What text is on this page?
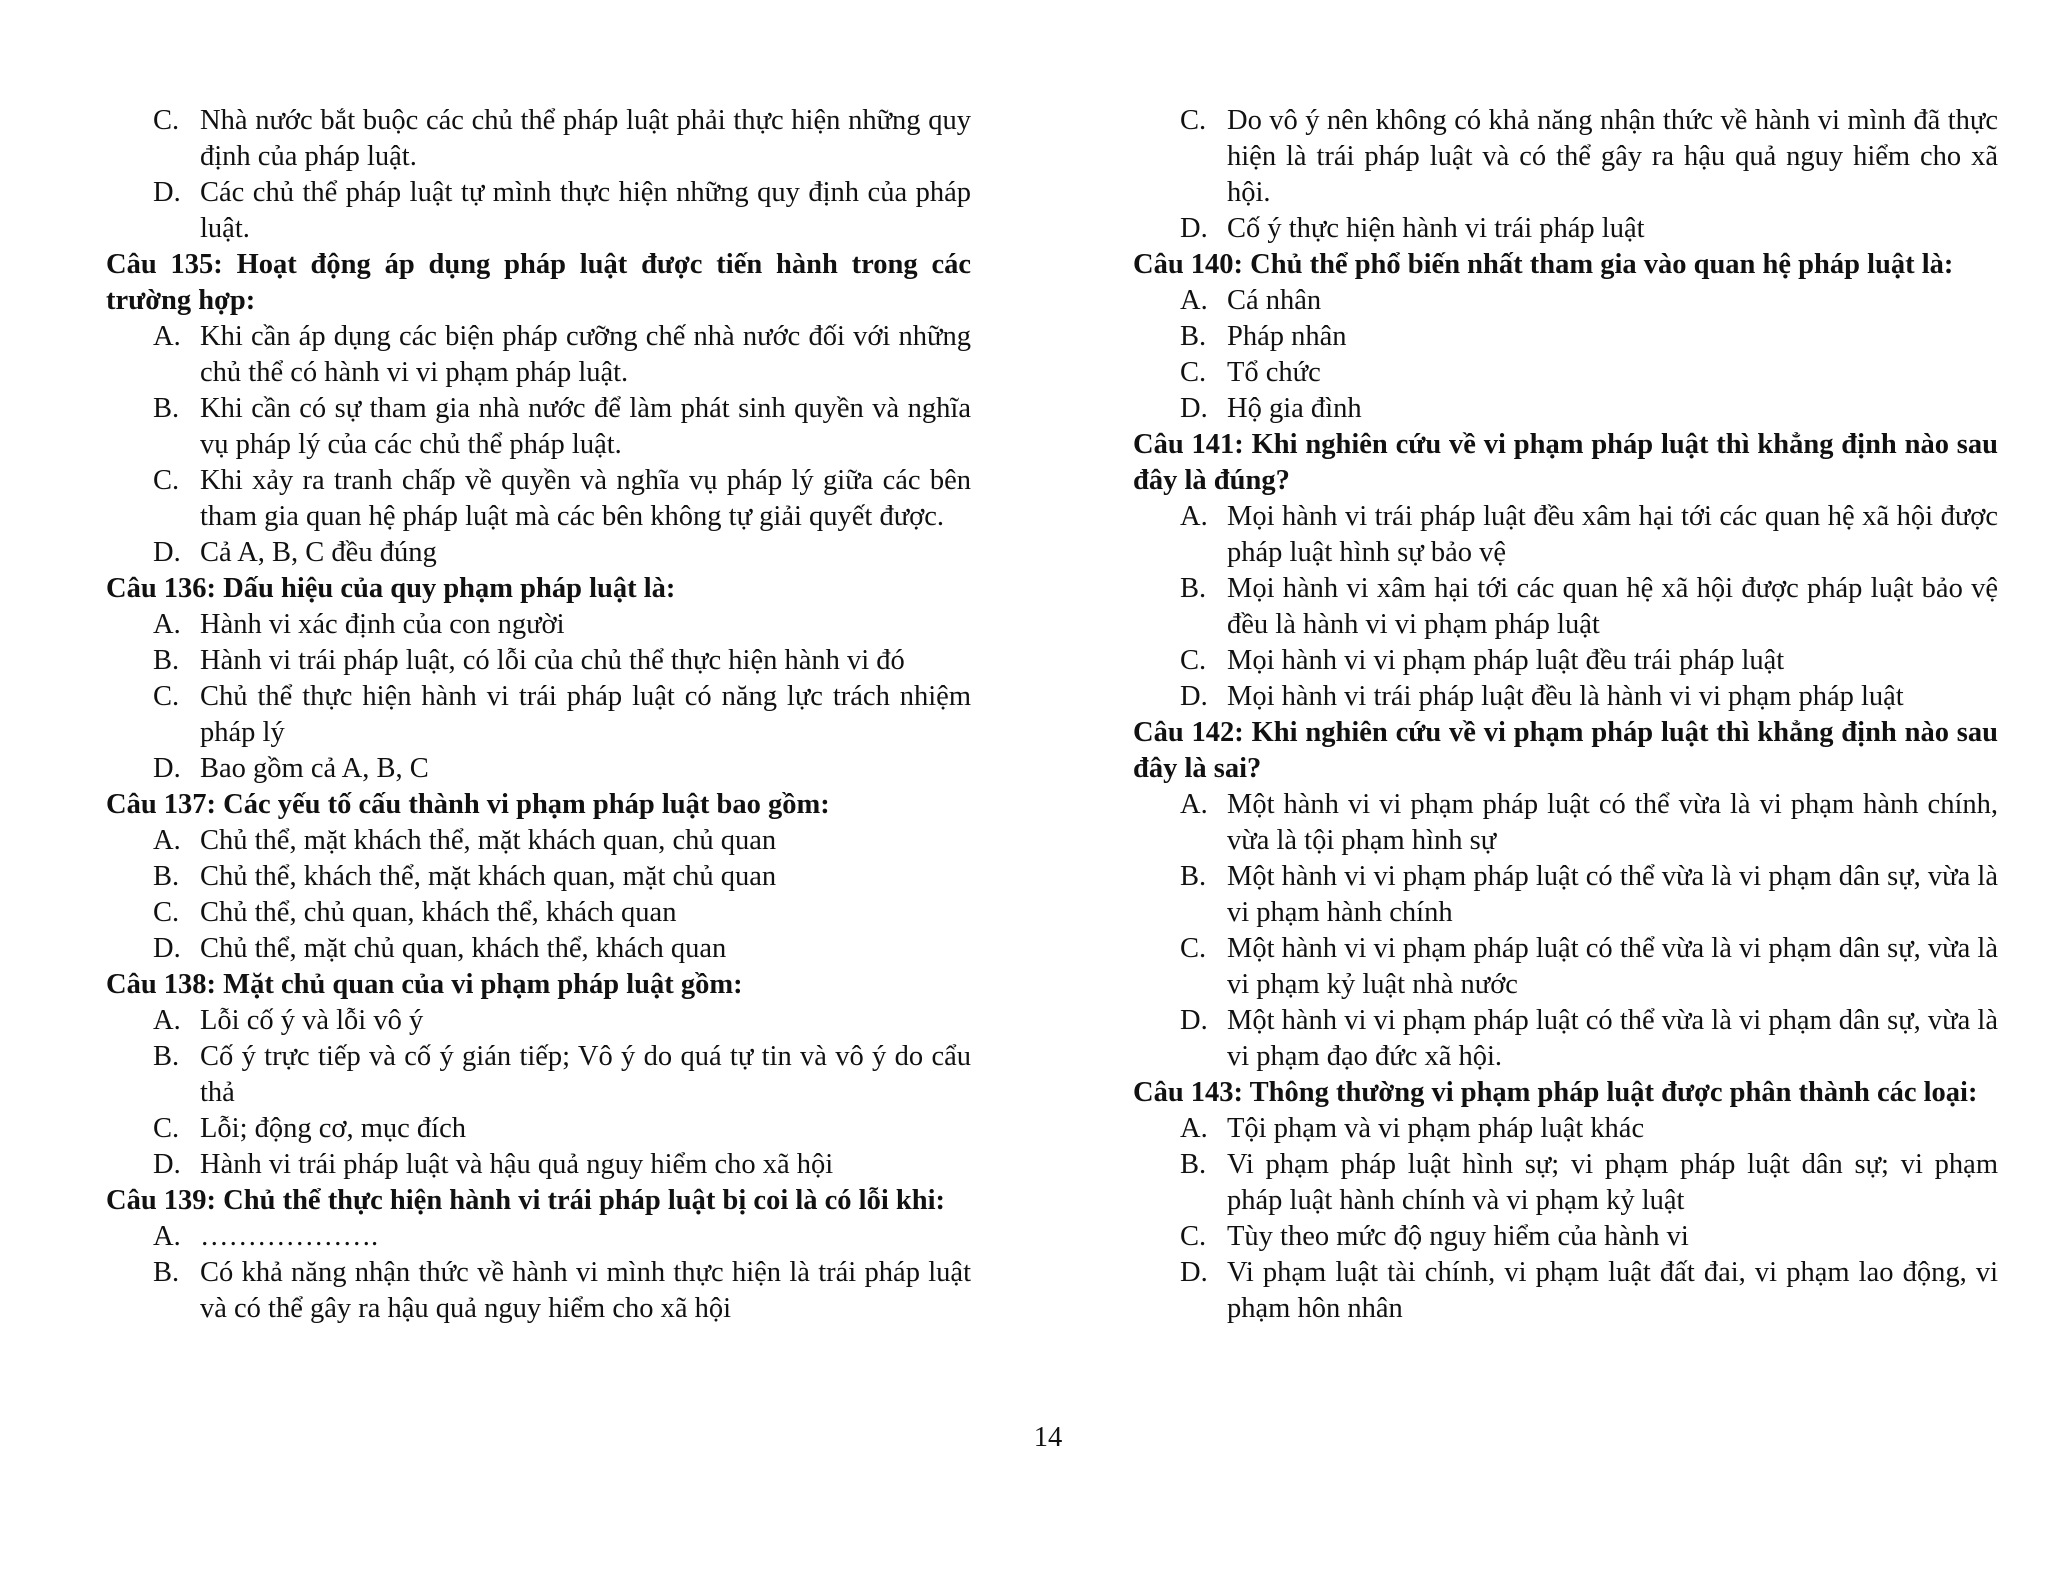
C. Nhà nước bắt buộc các chủ thể pháp luật phải thực hiện những quy định của pháp luật.
D. Các chủ thể pháp luật tự mình thực hiện những quy định của pháp luật.
Câu 135: Hoạt động áp dụng pháp luật được tiến hành trong các trường hợp:
A. Khi cần áp dụng các biện pháp cưỡng chế nhà nước đối với những chủ thể có hành vi vi phạm pháp luật.
B. Khi cần có sự tham gia nhà nước để làm phát sinh quyền và nghĩa vụ pháp lý của các chủ thể pháp luật.
C. Khi xảy ra tranh chấp về quyền và nghĩa vụ pháp lý giữa các bên tham gia quan hệ pháp luật mà các bên không tự giải quyết được.
D. Cả A, B, C đều đúng
Câu 136: Dấu hiệu của quy phạm pháp luật là:
A. Hành vi xác định của con người
B. Hành vi trái pháp luật, có lỗi của chủ thể thực hiện hành vi đó
C. Chủ thể thực hiện hành vi trái pháp luật có năng lực trách nhiệm pháp lý
D. Bao gồm cả A, B, C
Câu 137: Các yếu tố cấu thành vi phạm pháp luật bao gồm:
A. Chủ thể, mặt khách thể, mặt khách quan, chủ quan
B. Chủ thể, khách thể, mặt khách quan, mặt chủ quan
C. Chủ thể, chủ quan, khách thể, khách quan
D. Chủ thể, mặt chủ quan, khách thể, khách quan
Câu 138: Mặt chủ quan của vi phạm pháp luật gồm:
A. Lỗi cố ý và lỗi vô ý
B. Cố ý trực tiếp và cố ý gián tiếp; Vô ý do quá tự tin và vô ý do cẩu thả
C. Lỗi; động cơ, mục đích
D. Hành vi trái pháp luật và hậu quả nguy hiểm cho xã hội
Câu 139: Chủ thể thực hiện hành vi trái pháp luật bị coi là có lỗi khi:
A. ……………….
B. Có khả năng nhận thức về hành vi mình thực hiện là trái pháp luật và có thể gây ra hậu quả nguy hiểm cho xã hội
C. Do vô ý nên không có khả năng nhận thức về hành vi mình đã thực hiện là trái pháp luật và có thể gây ra hậu quả nguy hiểm cho xã hội.
D. Cố ý thực hiện hành vi trái pháp luật
Câu 140: Chủ thể phổ biến nhất tham gia vào quan hệ pháp luật là:
A. Cá nhân
B. Pháp nhân
C. Tổ chức
D. Hộ gia đình
Câu 141: Khi nghiên cứu về vi phạm pháp luật thì khẳng định nào sau đây là đúng?
A. Mọi hành vi trái pháp luật đều xâm hại tới các quan hệ xã hội được pháp luật hình sự bảo vệ
B. Mọi hành vi xâm hại tới các quan hệ xã hội được pháp luật bảo vệ đều là hành vi vi phạm pháp luật
C. Mọi hành vi vi phạm pháp luật đều trái pháp luật
D. Mọi hành vi trái pháp luật đều là hành vi vi phạm pháp luật
Câu 142: Khi nghiên cứu về vi phạm pháp luật thì khẳng định nào sau đây là sai?
A. Một hành vi vi phạm pháp luật có thể vừa là vi phạm hành chính, vừa là tội phạm hình sự
B. Một hành vi vi phạm pháp luật có thể vừa là vi phạm dân sự, vừa là vi phạm hành chính
C. Một hành vi vi phạm pháp luật có thể vừa là vi phạm dân sự, vừa là vi phạm kỷ luật nhà nước
D. Một hành vi vi phạm pháp luật có thể vừa là vi phạm dân sự, vừa là vi phạm đạo đức xã hội.
Câu 143: Thông thường vi phạm pháp luật được phân thành các loại:
A. Tội phạm và vi phạm pháp luật khác
B. Vi phạm pháp luật hình sự; vi phạm pháp luật dân sự; vi phạm pháp luật hành chính và vi phạm kỷ luật
C. Tùy theo mức độ nguy hiểm của hành vi
D. Vi phạm luật tài chính, vi phạm luật đất đai, vi phạm lao động, vi phạm hôn nhân
14
